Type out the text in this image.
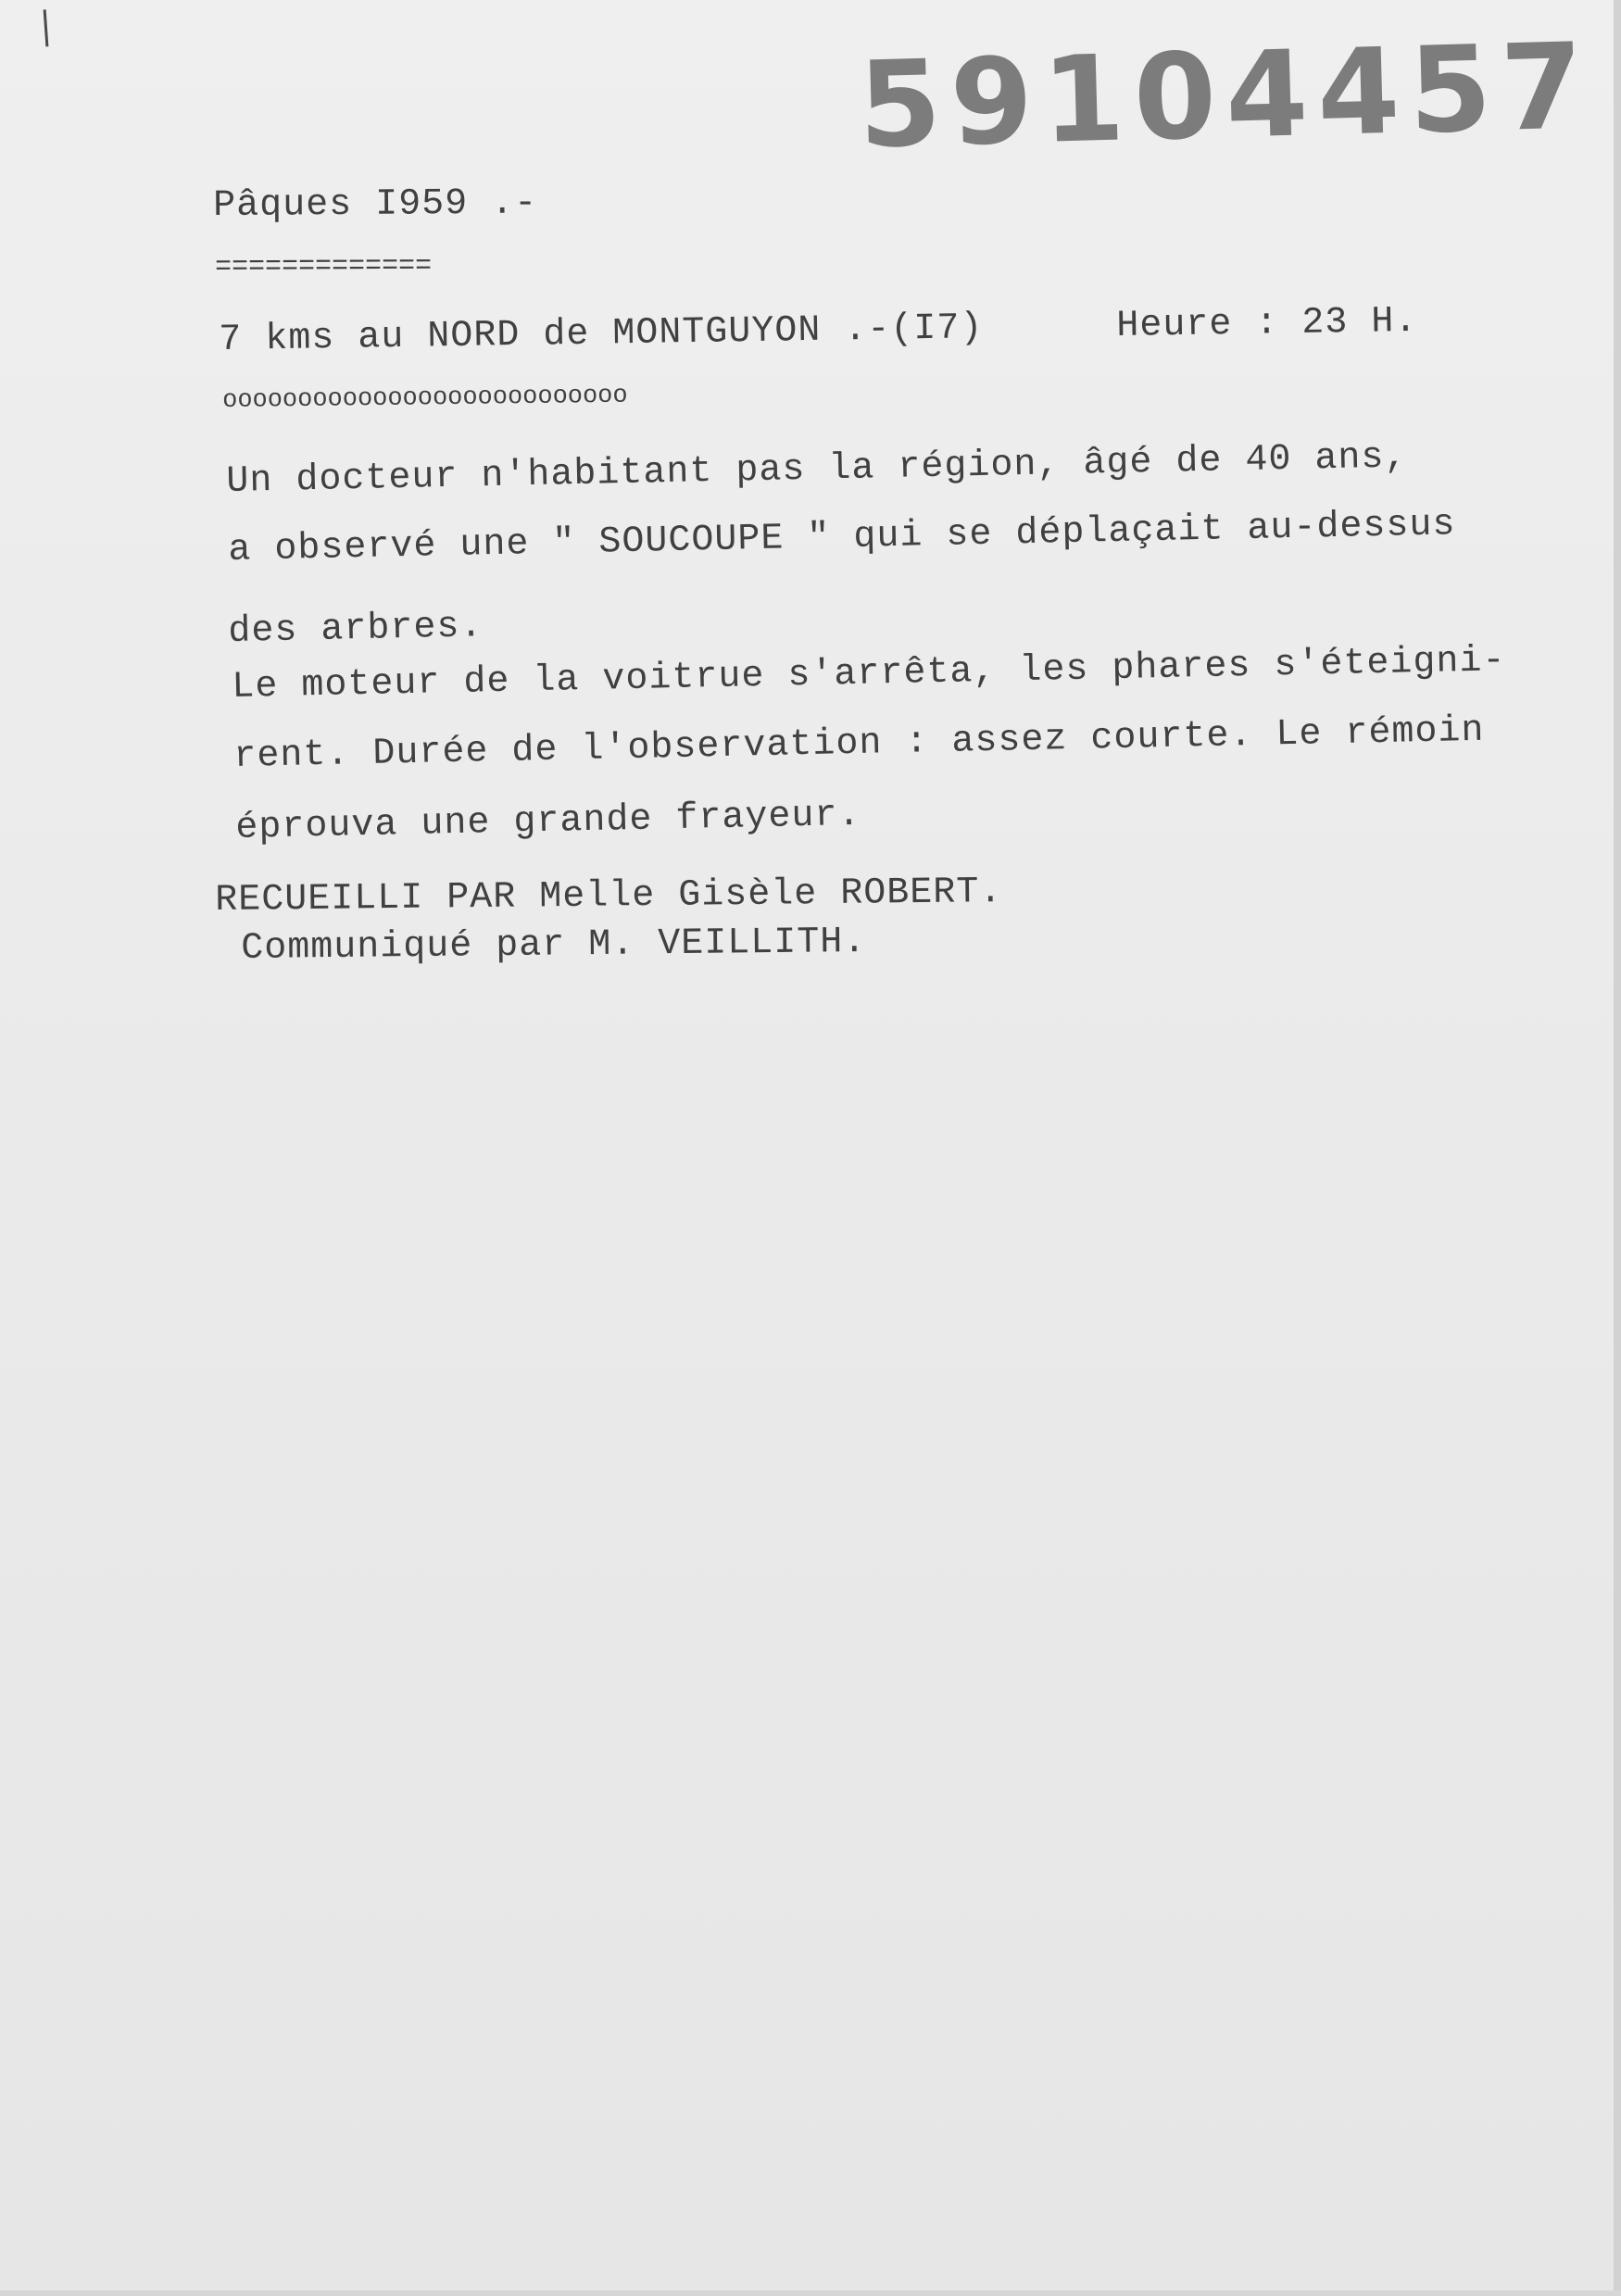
59104457
Pâques I959 .-
=============
7 kms au NORD de MONTGUYON .-(I7)	Heure : 23 H.
ooooooooooooooooooooooooooo
Un docteur n'habitant pas la région, âgé de 40 ans,
a observé une " SOUCOUPE " qui se déplaçait au-dessus
des arbres.
Le moteur de la voitrue s'arrêta, les phares s'éteigni-
rent. Durée de l'observation : assez courte. Le rémoin
éprouva une grande frayeur.
RECUEILLI PAR Melle Gisèle ROBERT.
Communiqué par M. VEILLITH.
